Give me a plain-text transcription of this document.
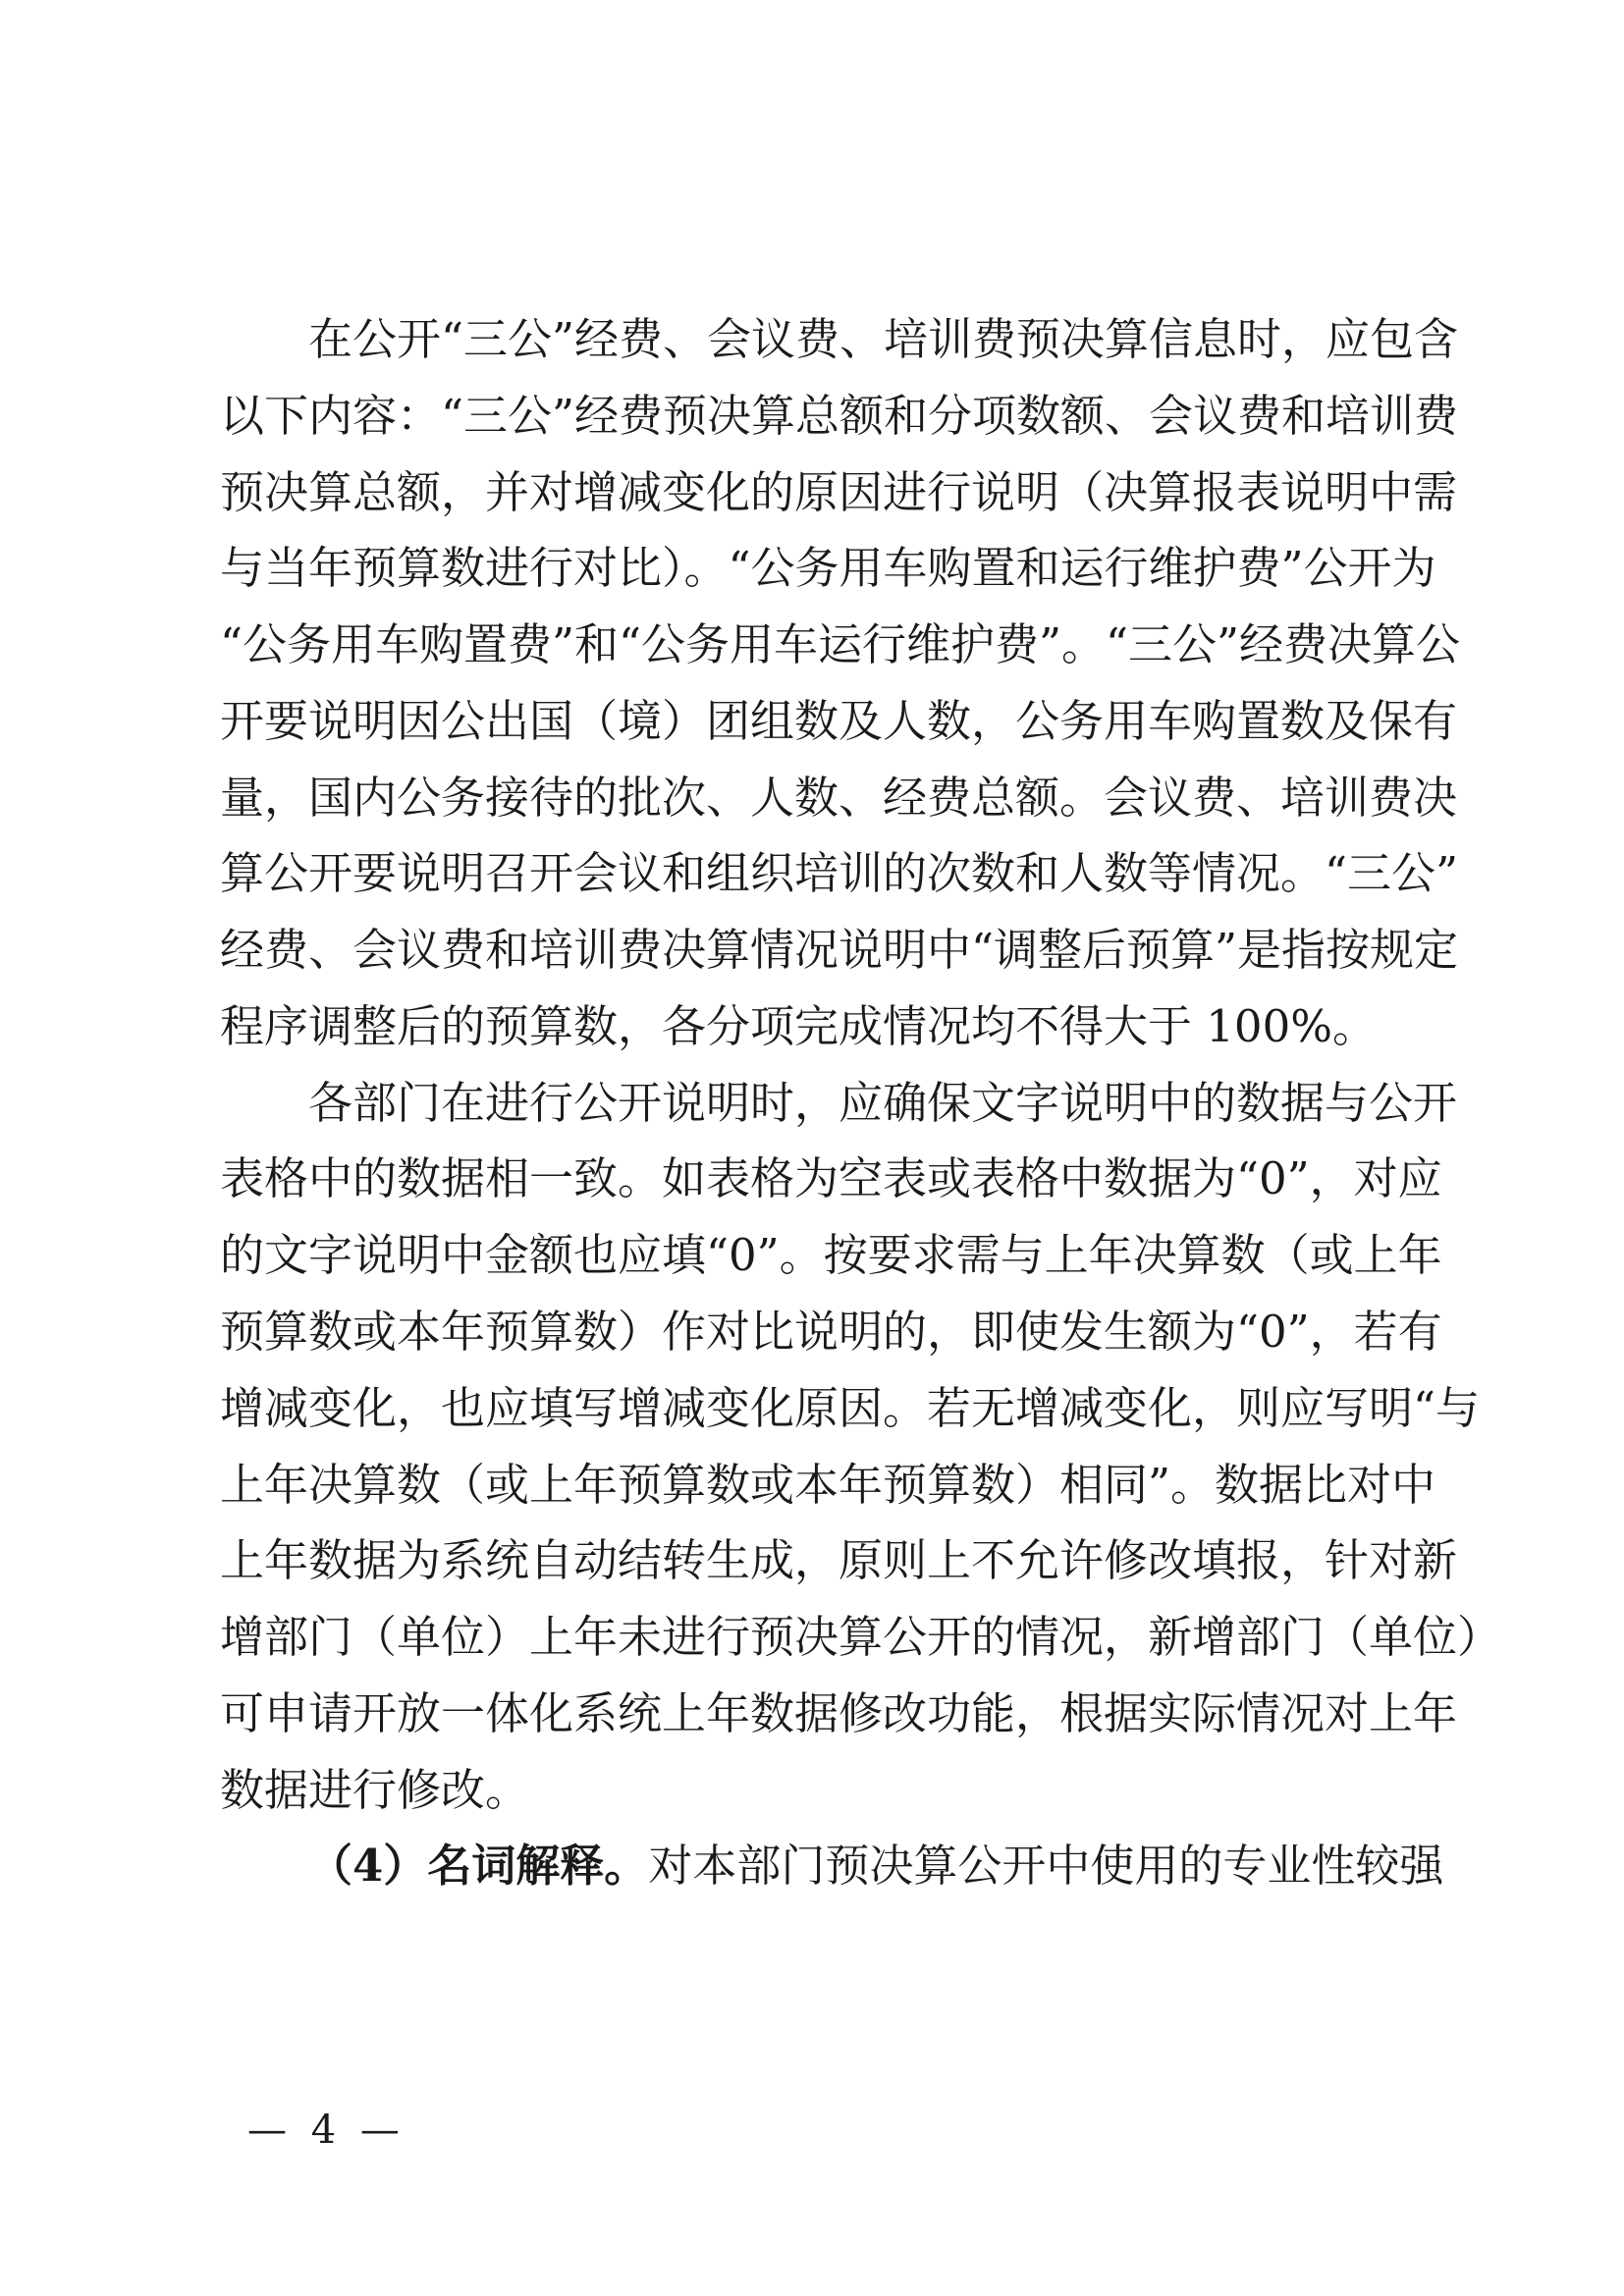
在公开“三公”经费、会议费、培训费预决算信息时，应包含
以下内容：“三公”经费预决算总额和分项数额、会议费和培训费
预决算总额，并对增减变化的原因进行说明（决算报表说明中需
与当年预算数进行对比）。“公务用车购置和运行维护费”公开为
“公务用车购置费”和“公务用车运行维护费”。“三公”经费决算公
开要说明因公出国（境）团组数及人数，公务用车购置数及保有
量，国内公务接待的批次、人数、经费总额。会议费、培训费决
算公开要说明召开会议和组织培训的次数和人数等情况。“三公”
经费、会议费和培训费决算情况说明中“调整后预算”是指按规定
程序调整后的预算数，各分项完成情况均不得大于 100%。
各部门在进行公开说明时，应确保文字说明中的数据与公开
表格中的数据相一致。如表格为空表或表格中数据为“0”，对应
的文字说明中金额也应填“0”。按要求需与上年决算数（或上年
预算数或本年预算数）作对比说明的，即使发生额为“0”，若有
增减变化，也应填写增减变化原因。若无增减变化，则应写明“与
上年决算数（或上年预算数或本年预算数）相同”。数据比对中
上年数据为系统自动结转生成，原则上不允许修改填报，针对新
增部门（单位）上年未进行预决算公开的情况，新增部门（单位）
可申请开放一体化系统上年数据修改功能，根据实际情况对上年
数据进行修改。
（4）名词解释。对本部门预决算公开中使用的专业性较强
— 4 —
